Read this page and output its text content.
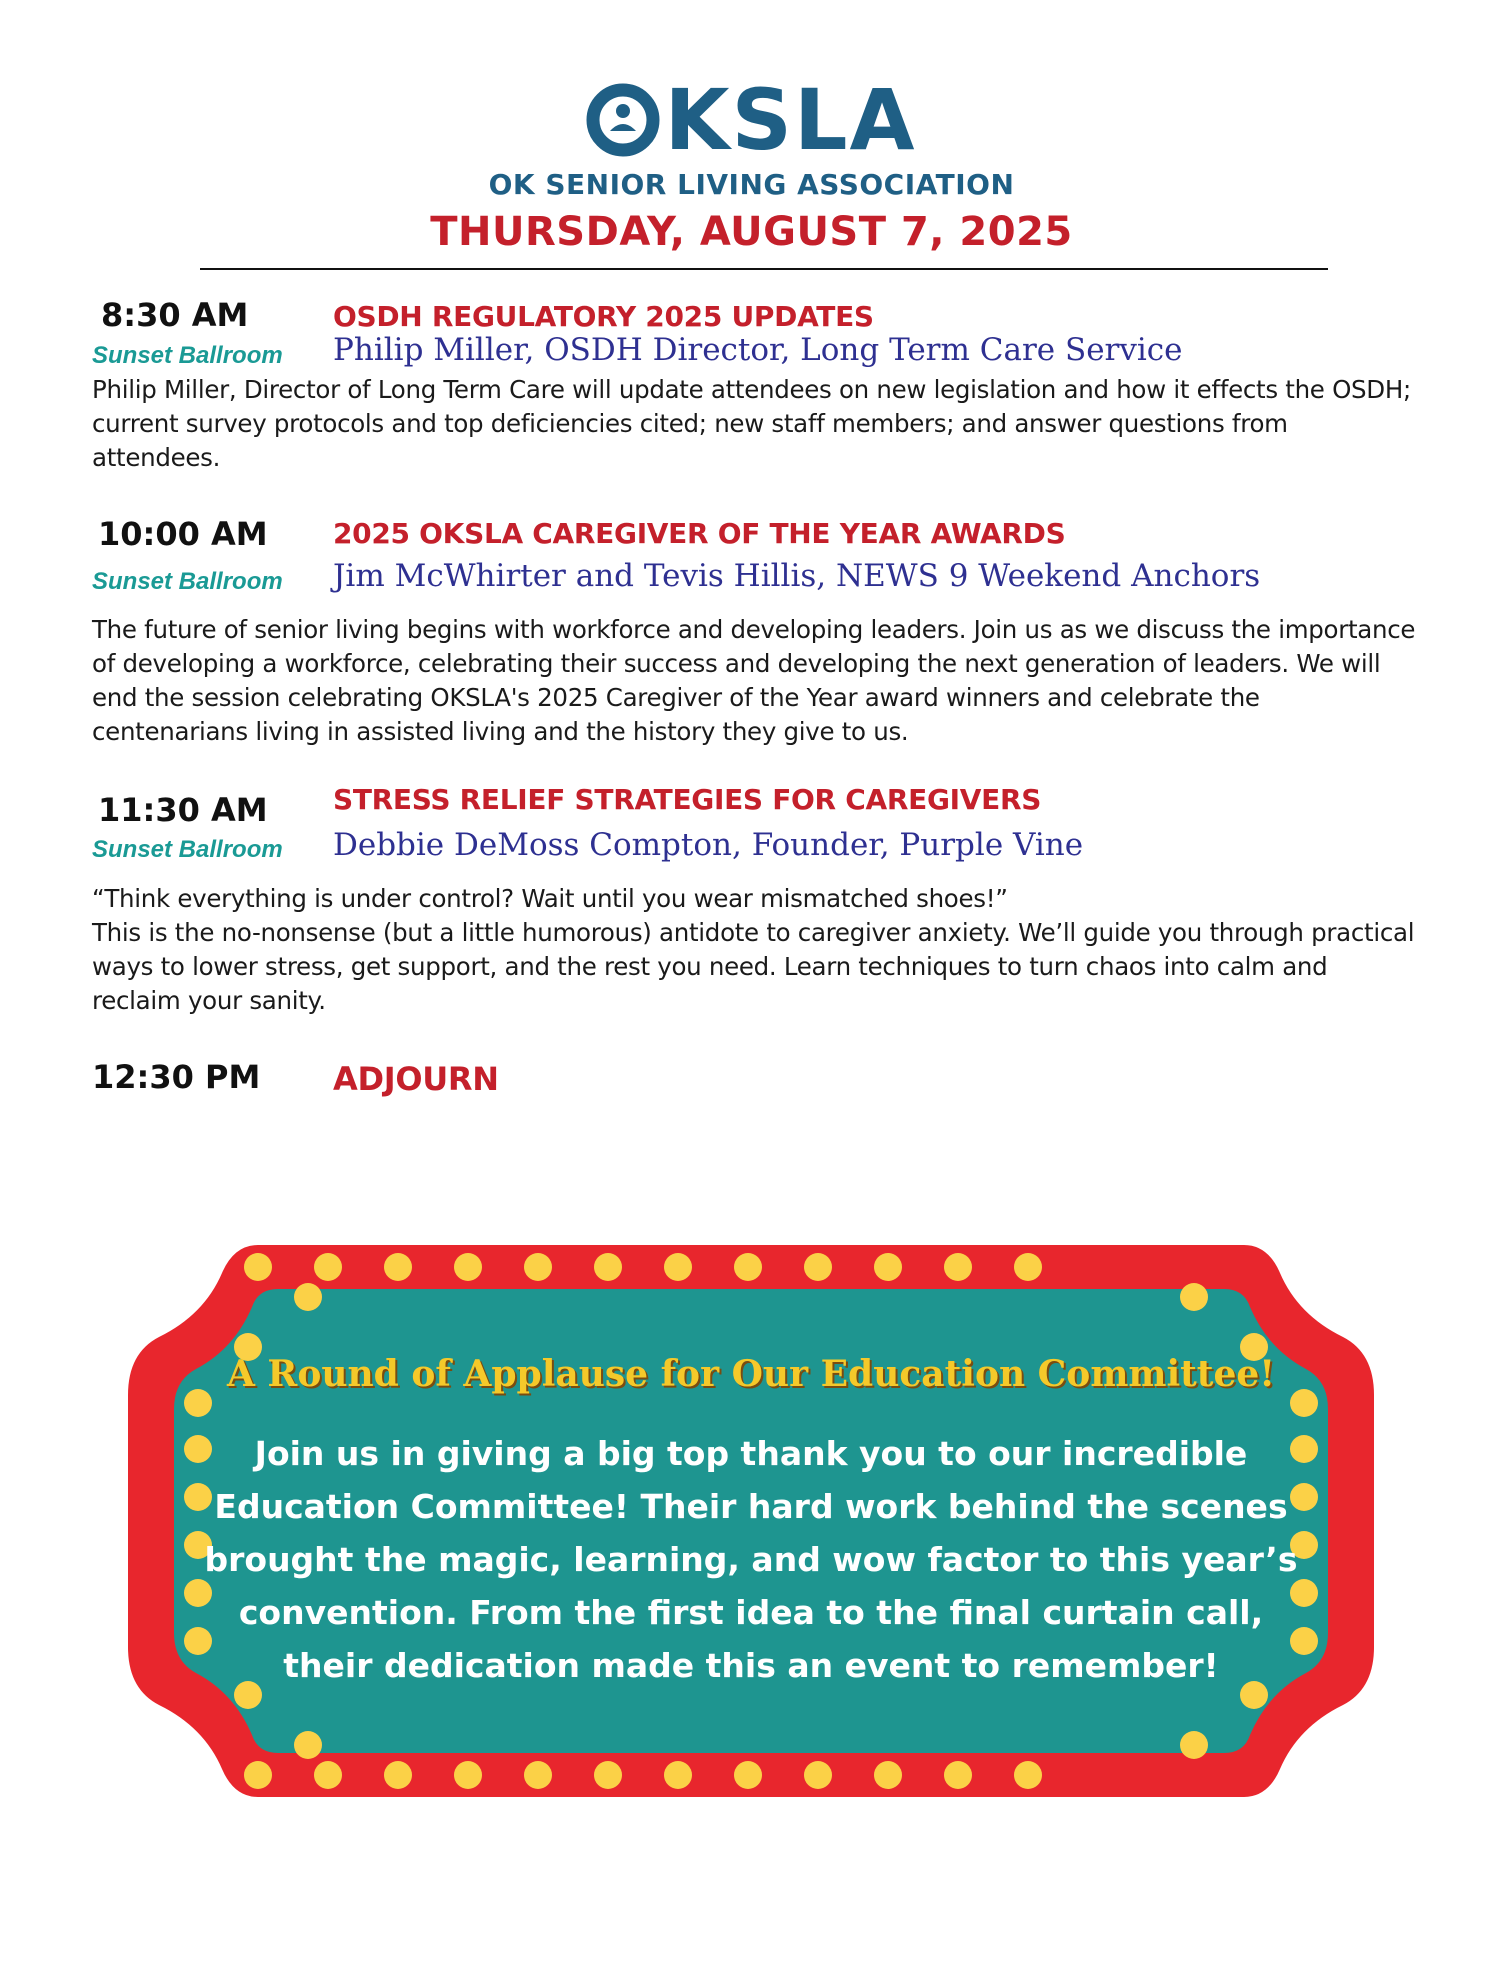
KSLA
OK SENIOR LIVING ASSOCIATION
THURSDAY, AUGUST 7, 2025
8:30 AM	OSDH REGULATORY 2025 UPDATES
Sunset Ballroom Philip Miller, OSDH Director, Long Term Care Service

Philip Miller, Director of Long Term Care will update attendees on new legislation and how it effects the OSDH; current survey protocols and top deficiencies cited; new staff members; and answer questions from attendees.

10:00 AM 2025 OKSLA CAREGIVER OF THE YEAR AWARDS
Sunset Ballroom Jim McWhirter and Tevis Hillis, NEWS 9 Weekend Anchors

The future of senior living begins with workforce and developing leaders. Join us as we discuss the importance of developing a workforce, celebrating their success and developing the next generation of leaders. We will end the session celebrating OKSLA's 2025 Caregiver of the Year award winners and celebrate the centenarians living in assisted living and the history they give to us.

11:30 AM STRESS RELIEF STRATEGIES FOR CAREGIVERS
Sunset Ballroom Debbie DeMoss Compton, Founder, Purple Vine

“Think everything is under control? Wait until you wear mismatched shoes!”

This is the no-nonsense (but a little humorous) antidote to caregiver anxiety. We’ll guide you through practical ways to lower stress, get support, and the rest you need. Learn techniques to turn chaos into calm and reclaim your sanity.

12:30 PM ADJOURN
A Round of Applause for Our Education Committee!
Join us in giving a big top thank you to our incredible Education Committee! Their hard work behind the scenes brought the magic, learning, and wow factor to this year’s convention. From the first idea to the final curtain call, their dedication made this an event to remember!
